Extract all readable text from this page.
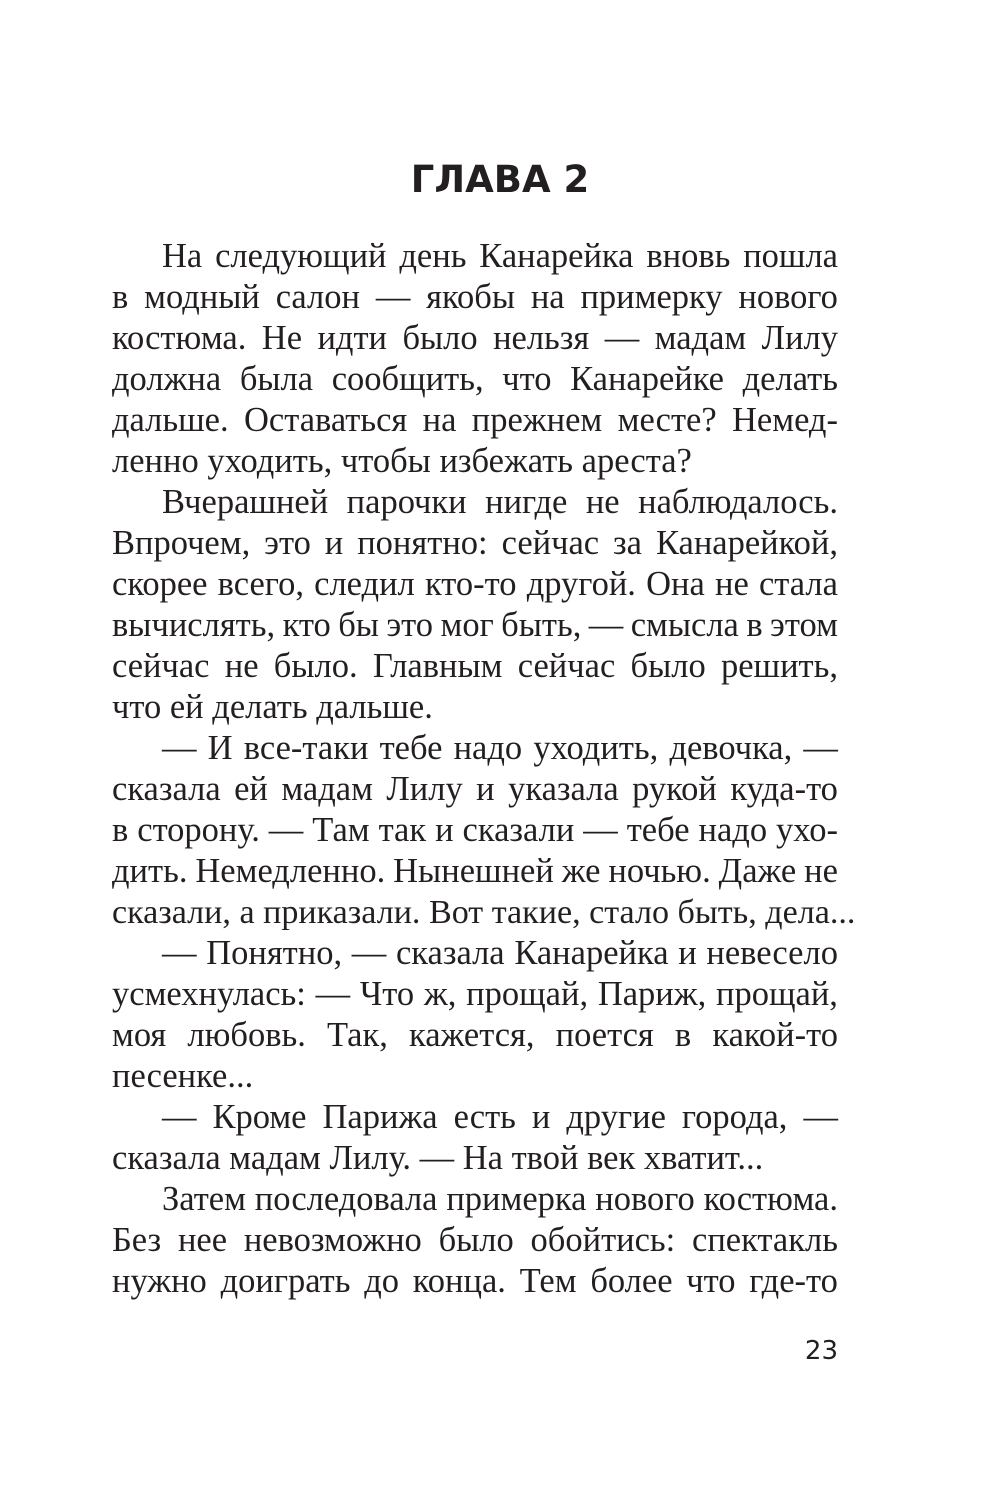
ГЛАВА 2
На следующий день Канарейка вновь пошла
в модный салон — якобы на примерку нового
костюма. Не идти было нельзя — мадам Лилу
должна была сообщить, что Канарейке делать
дальше. Оставаться на прежнем месте? Немед-
ленно уходить, чтобы избежать ареста?
Вчерашней парочки нигде не наблюдалось.
Впрочем, это и понятно: сейчас за Канарейкой,
скорее всего, следил кто-то другой. Она не стала
вычислять, кто бы это мог быть, — смысла в этом
сейчас не было. Главным сейчас было решить,
что ей делать дальше.
— И все-таки тебе надо уходить, девочка, —
сказала ей мадам Лилу и указала рукой куда-то
в сторону. — Там так и сказали — тебе надо ухо-
дить. Немедленно. Нынешней же ночью. Даже не
сказали, а приказали. Вот такие, стало быть, дела...
— Понятно, — сказала Канарейка и невесело
усмехнулась: — Что ж, прощай, Париж, прощай,
моя любовь. Так, кажется, поется в какой-то
песенке...
— Кроме Парижа есть и другие города, —
сказала мадам Лилу. — На твой век хватит...
Затем последовала примерка нового костюма.
Без нее невозможно было обойтись: спектакль
нужно доиграть до конца. Тем более что где-то
23
